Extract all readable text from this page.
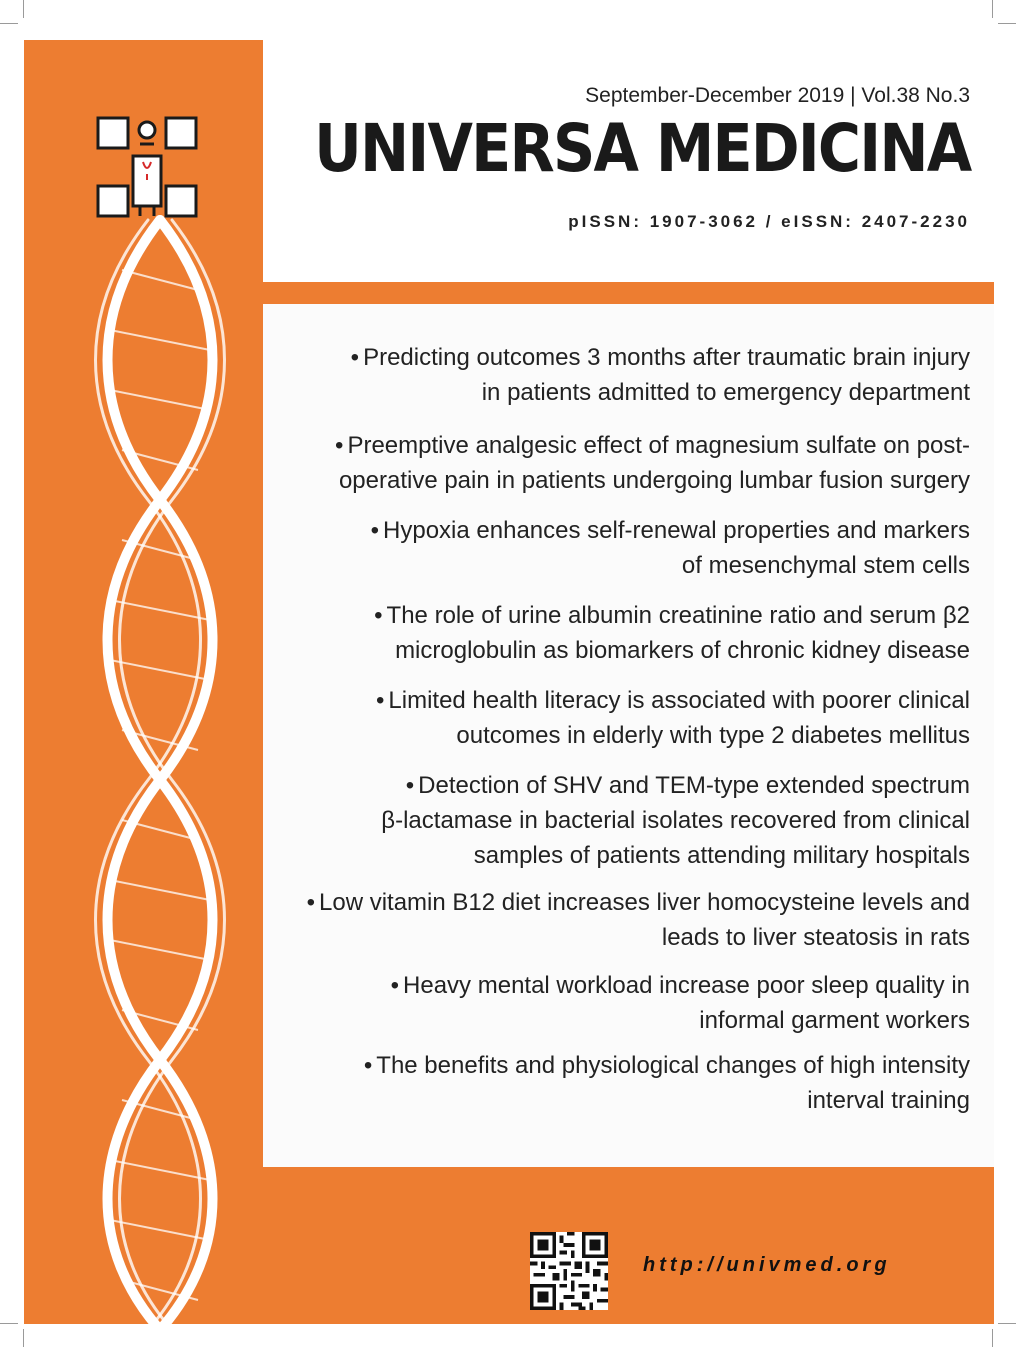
September-December 2019 | Vol.38 No.3
UNIVERSA MEDICINA
pISSN: 1907-3062 / eISSN: 2407-2230

• Predicting outcomes 3 months after traumatic brain injury
in patients admitted to emergency department

• Preemptive analgesic effect of magnesium sulfate on post-
operative pain in patients undergoing lumbar fusion surgery

• Hypoxia enhances self-renewal properties and markers
of mesenchymal stem cells

• The role of urine albumin creatinine ratio and serum β2
microglobulin as biomarkers of chronic kidney disease

• Limited health literacy is associated with poorer clinical
outcomes in elderly with type 2 diabetes mellitus

• Detection of SHV and TEM-type extended spectrum
β-lactamase in bacterial isolates recovered from clinical
samples of patients attending military hospitals

• Low vitamin B12 diet increases liver homocysteine levels and
leads to liver steatosis in rats

• Heavy mental workload increase poor sleep quality in
informal garment workers

• The benefits and physiological changes of high intensity
interval training

http://univmed.org
